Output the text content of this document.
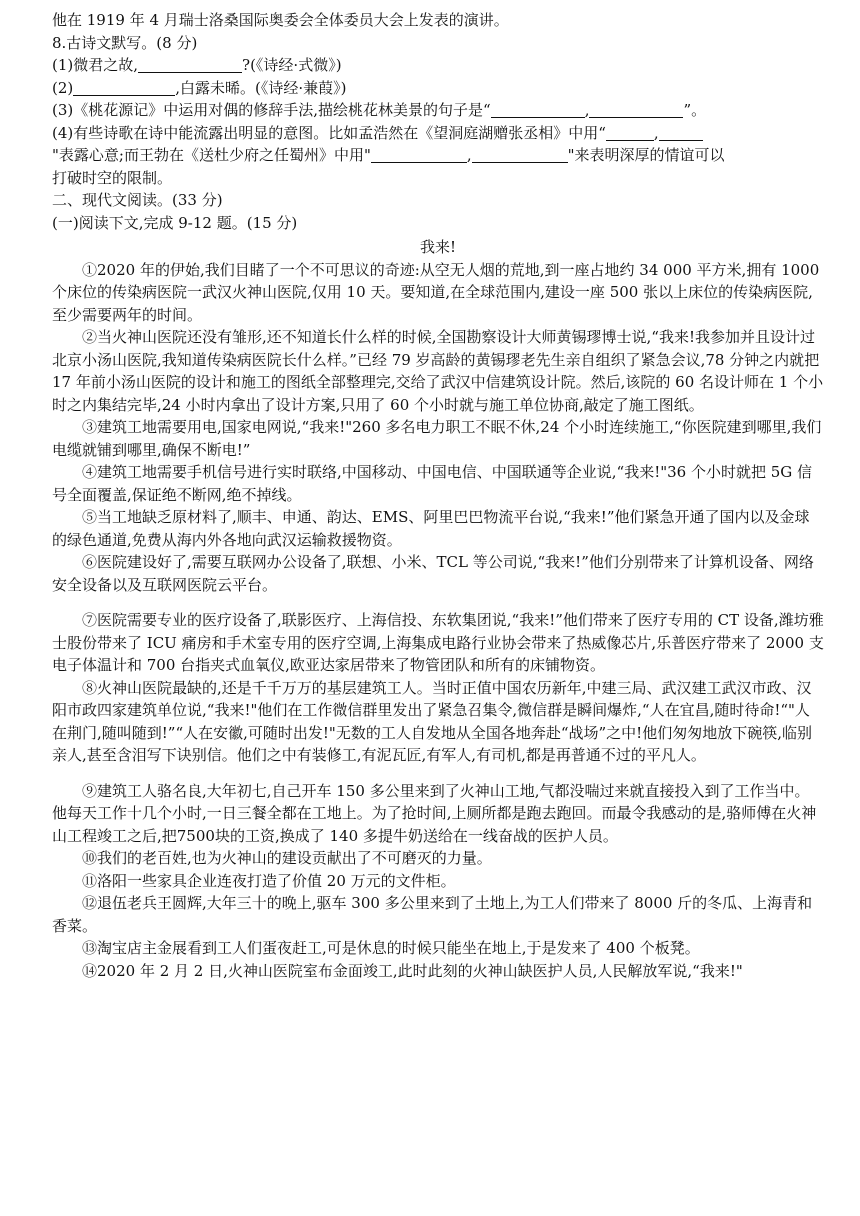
他在 1919 年 4 月瑞士洛桑国际奥委会全体委员大会上发表的演讲。
8.古诗文默写。(8 分)
(1)微君之故,	?(《诗经·式微》)
(2)	,白露未晞。(《诗经·兼葭》)
(3)《桃花源记》中运用对偶的修辞手法,描绘桃花林美景的句子是“	,	”。
(4)有些诗歌在诗中能流露出明显的意图。比如孟浩然在《望洞庭湖赠张丞相》中用“	,
"表露心意;而王勃在《送杜少府之任蜀州》中用"	,	"来表明深厚的情谊可以
打破时空的限制。
二、现代文阅读。(33 分)
(一)阅读下文,完成 9-12 题。(15 分)
我来!
①2020 年的伊始,我们目睹了一个不可思议的奇迹:从空无人烟的荒地,到一座占地约 34 000 平方米,拥有 1000 个床位的传染病医院一武汉火神山医院,仅用 10 天。要知道,在全球范围内,建设一座 500 张以上床位的传染病医院,至少需要两年的时间。
②当火神山医院还没有雏形,还不知道长什么样的时候,全国勘察设计大师黄锡璆博士说,“我来!我参加并且设计过北京小汤山医院,我知道传染病医院长什么样。”已经 79 岁高龄的黄锡璆老先生亲自组织了紧急会议,78 分钟之内就把 17 年前小汤山医院的设计和施工的图纸全部整理完,交给了武汉中信建筑设计院。然后,该院的 60 名设计师在 1 个小时之内集结完毕,24 小时内拿出了设计方案,只用了 60 个小时就与施工单位协商,敲定了施工图纸。
③建筑工地需要用电,国家电网说,“我来!"260 多名电力职工不眠不休,24 个小时连续施工,“你医院建到哪里,我们电缆就铺到哪里,确保不断电!”
④建筑工地需要手机信号进行实时联络,中国移动、中国电信、中国联通等企业说,“我来!"36 个小时就把 5G 信号全面覆盖,保证绝不断网,绝不掉线。
⑤当工地缺乏原材料了,顺丰、申通、韵达、EMS、阿里巴巴物流平台说,“我来!”他们紧急开通了国内以及金球的绿色通道,免费从海内外各地向武汉运输救援物资。
⑥医院建设好了,需要互联网办公设备了,联想、小米、TCL 等公司说,“我来!”他们分别带来了计算机设备、网络安全设备以及互联网医院云平台。
⑦医院需要专业的医疗设备了,联影医疗、上海信投、东软集团说,“我来!”他们带来了医疗专用的 CT 设备,潍坊雅士股份带来了 ICU 痛房和手术室专用的医疗空调,上海集成电路行业协会带来了热威像芯片,乐普医疗带来了 2000 支电子体温计和 700 台指夹式血氧仪,欧亚达家居带来了物管团队和所有的床铺物资。
⑧火神山医院最缺的,还是千千万万的基层建筑工人。当时正值中国农历新年,中建三局、武汉建工武汉市政、汉阳市政四家建筑单位说,“我来!"他们在工作微信群里发出了紧急召集令,微信群是瞬间爆炸,“人在宜昌,随时待命!“"人在荆门,随叫随到!”“人在安徽,可随时出发!"无数的工人自发地从全国各地奔赴“战场”之中!他们匆匆地放下碗筷,临别亲人,甚至含泪写下诀别信。他们之中有装修工,有泥瓦匠,有军人,有司机,都是再普通不过的平凡人。
⑨建筑工人骆名良,大年初七,自己开车 150 多公里来到了火神山工地,气都没喘过来就直接投入到了工作当中。他每天工作十几个小时,一日三餐全都在工地上。为了抢时间,上厕所都是跑去跑回。而最令我感动的是,骆师傅在火神山工程竣工之后,把7500块的工资,换成了 140 多提牛奶送给在一线奋战的医护人员。
⑩我们的老百姓,也为火神山的建设贡献出了不可磨灭的力量。
⑪洛阳一些家具企业连夜打造了价值 20 万元的文件柜。
⑫退伍老兵王圆辉,大年三十的晚上,驱车 300 多公里来到了土地上,为工人们带来了 8000 斤的冬瓜、上海青和香菜。
⑬淘宝店主金展看到工人们蛋夜赶工,可是休息的时候只能坐在地上,于是发来了 400 个板凳。
⑭2020 年 2 月 2 日,火神山医院室布金面竣工,此时此刻的火神山缺医护人员,人民解放军说,“我来!"
